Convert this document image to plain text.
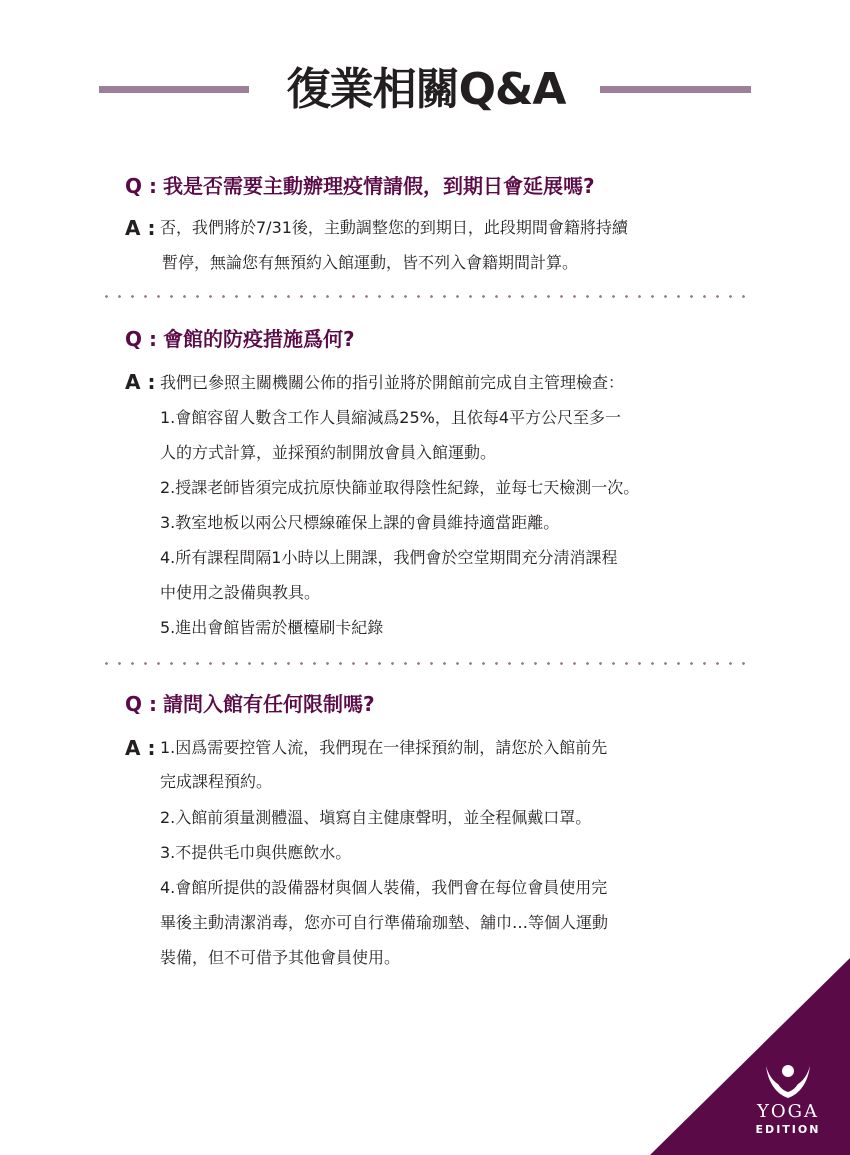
復業相關Q&A
Q : 我是否需要主動辦理疫情請假，到期日會延展嗎?
A : 否，我們將於7/31後，主動調整您的到期日，此段期間會籍將持續
暫停，無論您有無預約入館運動，皆不列入會籍期間計算。
Q : 會館的防疫措施爲何?
A : 我們已參照主關機關公佈的指引並將於開館前完成自主管理檢查：
1.會館容留人數含工作人員縮減爲25%，且依每4平方公尺至多一
人的方式計算，並採預約制開放會員入館運動。
2.授課老師皆須完成抗原快篩並取得陰性紀錄，並每七天檢測一次。
3.教室地板以兩公尺標線確保上課的會員維持適當距離。
4.所有課程間隔1小時以上開課，我們會於空堂期間充分淸消課程
中使用之設備與教具。
5.進出會館皆需於櫃檯刷卡紀錄
Q : 請問入館有任何限制嗎?
A : 1.因爲需要控管人流，我們現在一律採預約制，請您於入館前先
完成課程預約。
2.入館前須量測體溫、塡寫自主健康聲明，並全程佩戴口罩。
3.不提供毛巾與供應飲水。
4.會館所提供的設備器材與個人裝備，我們會在每位會員使用完
畢後主動淸潔消毒，您亦可自行準備瑜珈墊、舖巾…等個人運動
裝備，但不可借予其他會員使用。
YOGA
EDITION
